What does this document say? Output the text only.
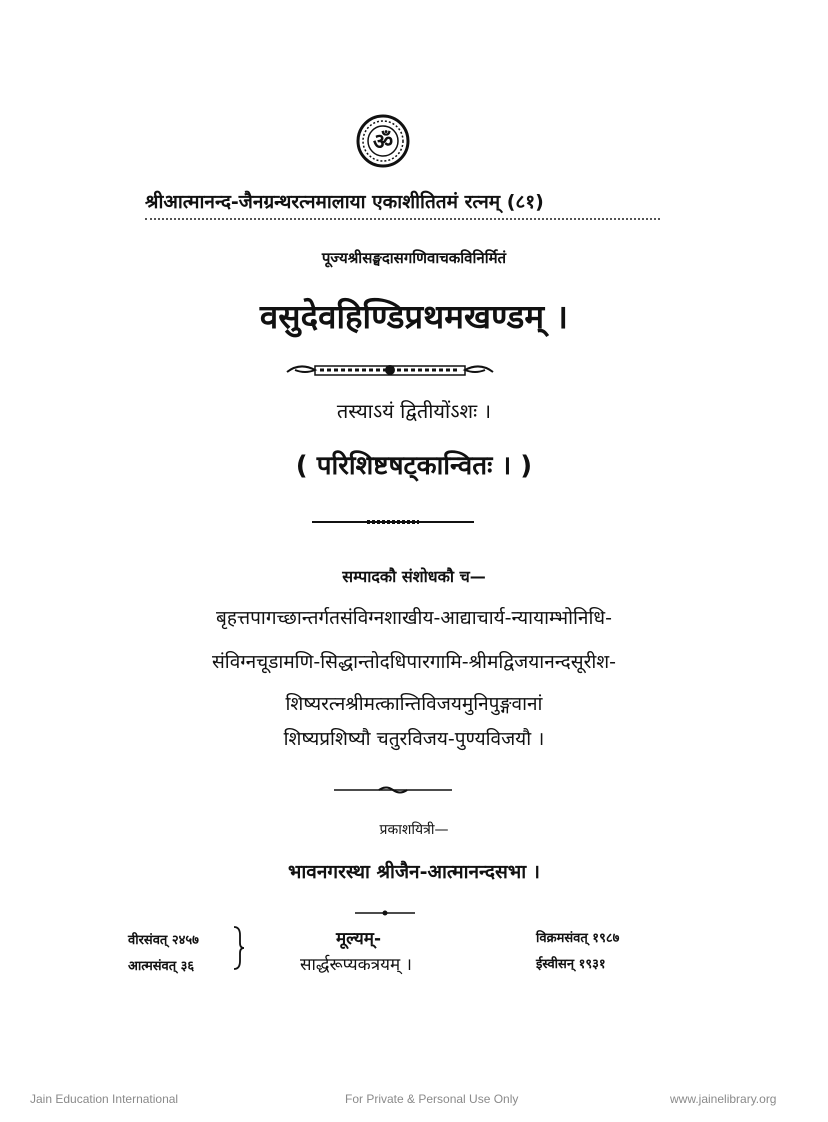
ॐ
श्रीआत्मानन्द-जैनग्रन्थरत्नमालाया एकाशीतितमं रत्नम् (८१)
पूज्यश्रीसङ्घदासगणिवाचकविनिर्मितं
वसुदेवहिण्डिप्रथमखण्डम् ।
तस्याऽयं द्वितीयोंऽशः ।
( परिशिष्टषट्कान्वितः । )
सम्पादकौ संशोधकौ च—
बृहत्तपागच्छान्तर्गतसंविग्नशाखीय-आद्याचार्य-न्यायाम्भोनिधि-
संविग्नचूडामणि-सिद्धान्तोदधिपारगामि-श्रीमद्विजयानन्दसूरीश-
शिष्यरत्नश्रीमत्कान्तिविजयमुनिपुङ्गवानां
शिष्यप्रशिष्यौ चतुरविजय-पुण्यविजयौ ।
प्रकाशयित्री—
भावनगरस्था श्रीजैन-आत्मानन्दसभा ।
वीरसंवत् २४५७
आत्मसंवत् ३६
मूल्यम्-
सार्द्धरूप्यकत्रयम् ।
विक्रमसंवत् १९८७
ईस्वीसन् १९३१
Jain Education International	For Private & Personal Use Only	www.jainelibrary.org
